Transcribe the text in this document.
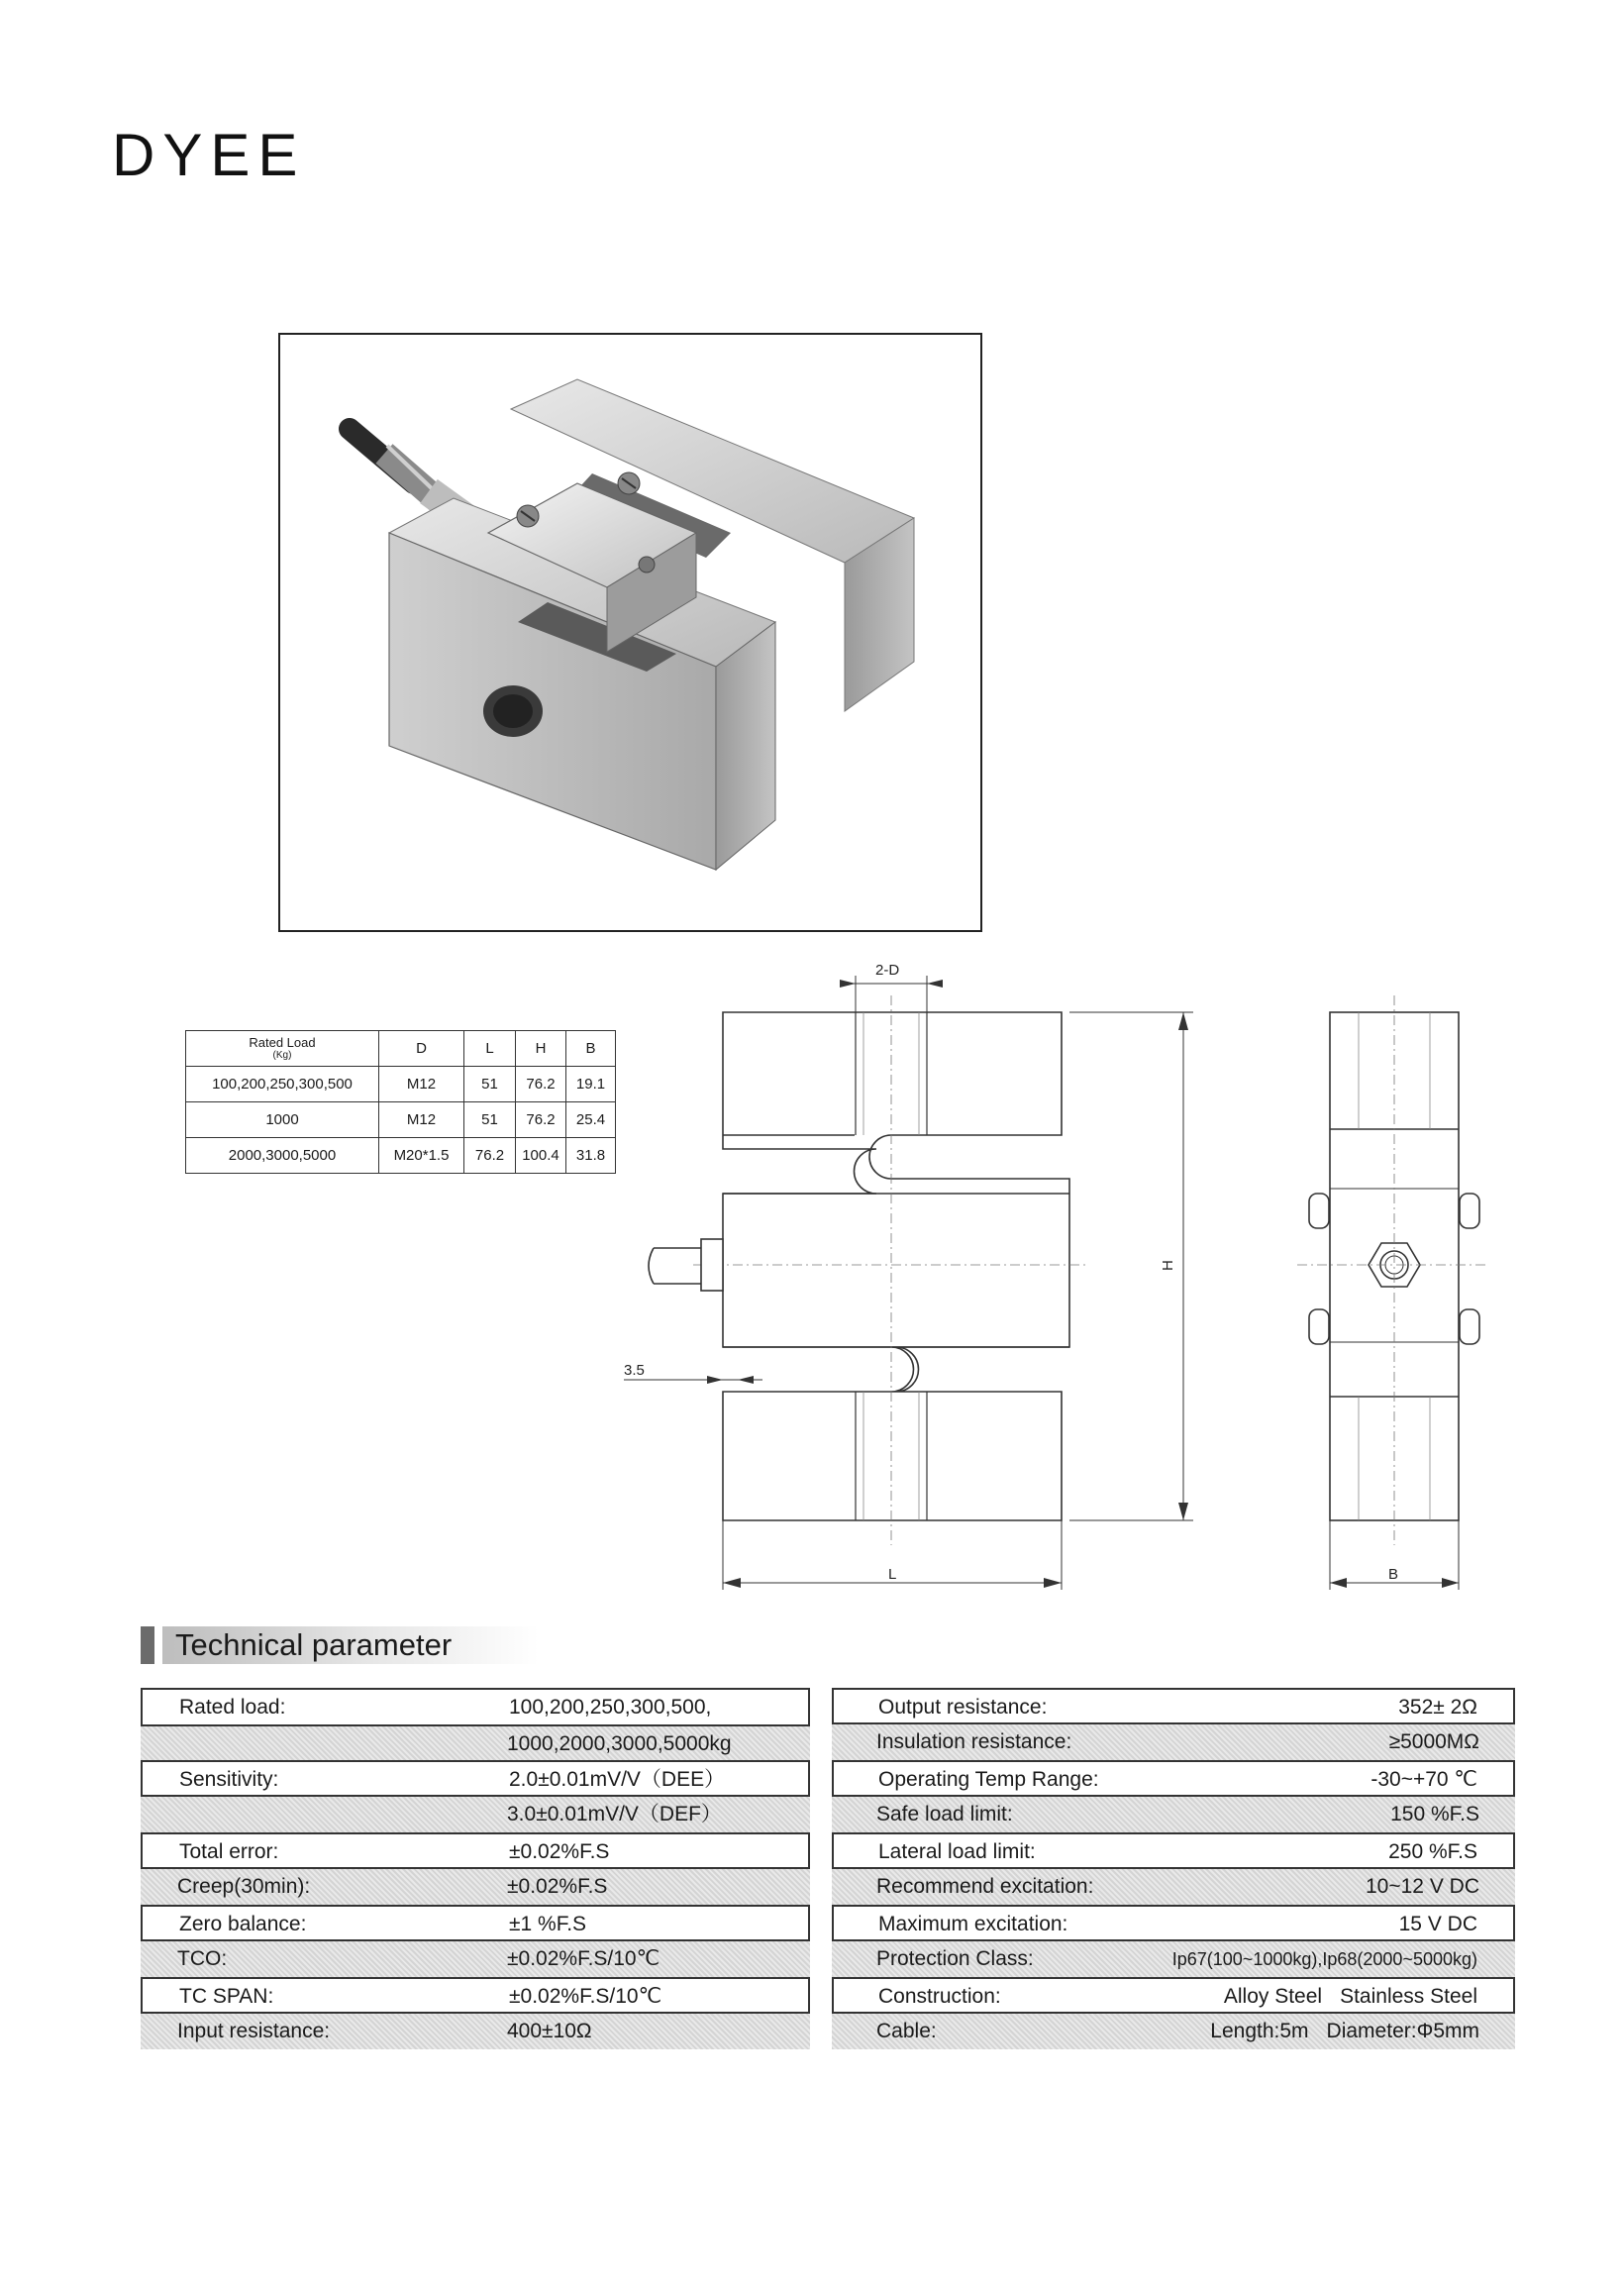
DYEE
Rated Load
(Kg)	D	L	H	B
100,200,250,300,500	M12	51	76.2	19.1
1000	M12	51	76.2	25.4
2000,3000,5000	M20*1.5	76.2	100.4	31.8
2-D
H
L	B
3.5
Technical parameter
Rated load:	100,200,250,300,500,
1000,2000,3000,5000kg
Sensitivity:	2.0±0.01mV/V（DEE）
3.0±0.01mV/V（DEF）
Total error:	±0.02%F.S
Creep(30min):	±0.02%F.S
Zero balance:	±1 %F.S
TCO:	±0.02%F.S/10℃
TC SPAN:	±0.02%F.S/10℃
Input resistance:	400±10Ω
Output resistance:	352± 2Ω
Insulation resistance:	≥5000MΩ
Operating Temp Range:	-30~+70 ℃
Safe load limit:	150 %F.S
Lateral load limit:	250 %F.S
Recommend excitation:	10~12 V DC
Maximum excitation:	15 V DC
Protection Class:	Ip67(100~1000kg),Ip68(2000~5000kg)
Construction:	Alloy Steel Stainless Steel
Cable:	Length:5m Diameter:Φ5mm
